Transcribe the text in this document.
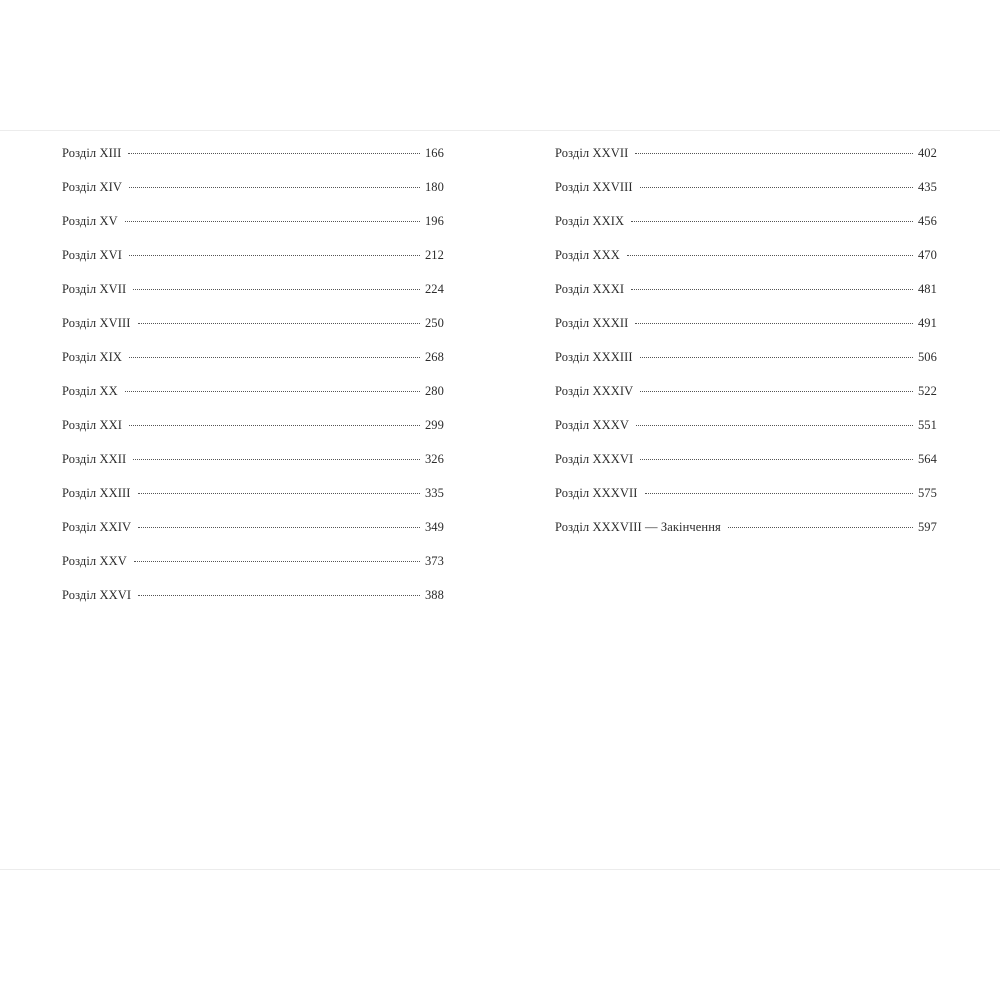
Розділ XIII	166
Розділ XIV	180
Розділ XV	196
Розділ XVI	212
Розділ XVII	224
Розділ XVIII	250
Розділ XIX	268
Розділ XX	280
Розділ XXI	299
Розділ XXII	326
Розділ XXIII	335
Розділ XXIV	349
Розділ XXV	373
Розділ XXVI	388
Розділ XXVII	402
Розділ XXVIII	435
Розділ XXIX	456
Розділ XXX	470
Розділ XXXI	481
Розділ XXXII	491
Розділ XXXIII	506
Розділ XXXIV	522
Розділ XXXV	551
Розділ XXXVI	564
Розділ XXXVII	575
Розділ XXXVIII — Закінчення	597
